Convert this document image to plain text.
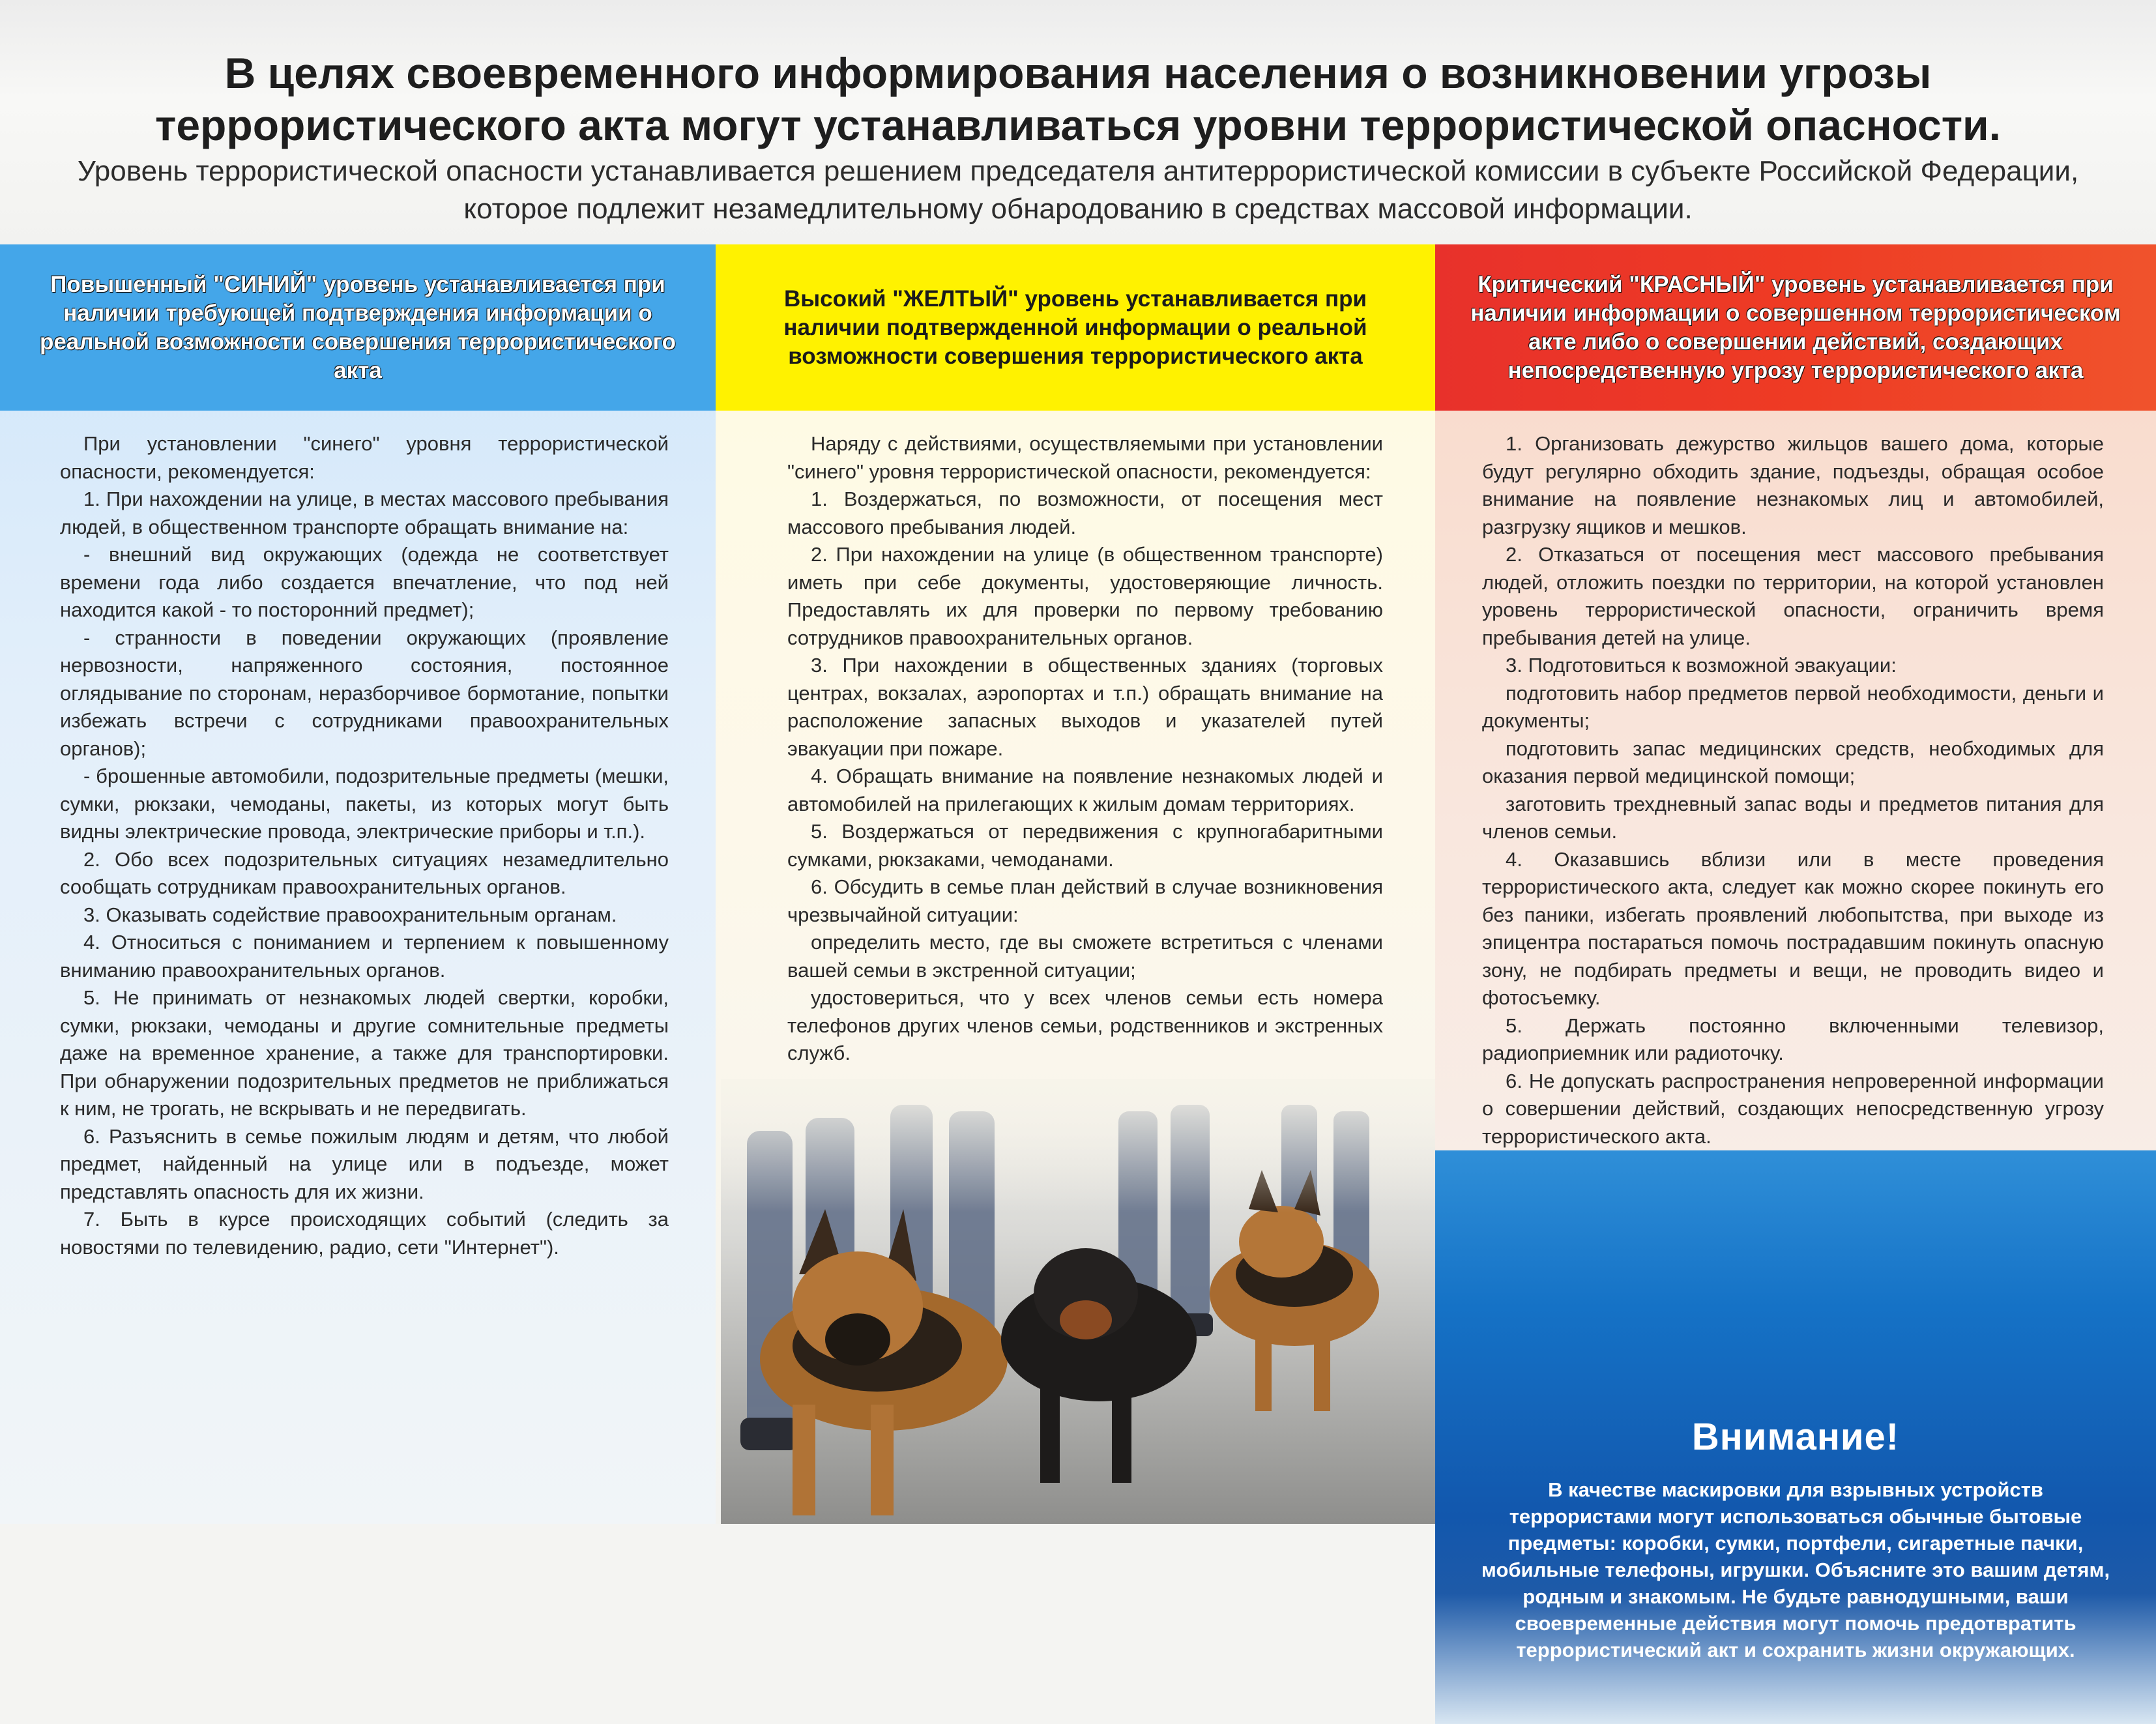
В целях своевременного информирования населения о возникновении угрозы террористического акта могут устанавливаться уровни террористической опасности.

Уровень террористической опасности устанавливается решением председателя антитеррористической комиссии в субъекте Российской Федерации, которое подлежит незамедлительному обнародованию в средствах массовой информации.

Повышенный "СИНИЙ" уровень устанавливается при наличии требующей подтверждения информации о реальной возможности совершения террористического акта

При установлении "синего" уровня террористической опасности, рекомендуется:

1. При нахождении на улице, в местах массового пребывания людей, в общественном транспорте обращать внимание на:

- внешний вид окружающих (одежда не соответствует времени года либо создается впечатление, что под ней находится какой - то посторонний предмет);

- странности в поведении окружающих (проявление нервозности, напряженного состояния, постоянное оглядывание по сторонам, неразборчивое бормотание, попытки избежать встречи с сотрудниками правоохранительных органов);

- брошенные автомобили, подозрительные предметы (мешки, сумки, рюкзаки, чемоданы, пакеты, из которых могут быть видны электрические провода, электрические приборы и т.п.).

2. Обо всех подозрительных ситуациях незамедлительно сообщать сотрудникам правоохранительных органов.

3. Оказывать содействие правоохранительным органам.

4. Относиться с пониманием и терпением к повышенному вниманию правоохранительных органов.

5. Не принимать от незнакомых людей свертки, коробки, сумки, рюкзаки, чемоданы и другие сомнительные предметы даже на временное хранение, а также для транспортировки. При обнаружении подозрительных предметов не приближаться к ним, не трогать, не вскрывать и не передвигать.

6. Разъяснить в семье пожилым людям и детям, что любой предмет, найденный на улице или в подъезде, может представлять опасность для их жизни.

7. Быть в курсе происходящих событий (следить за новостями по телевидению, радио, сети "Интернет").

Высокий "ЖЕЛТЫЙ" уровень устанавливается при наличии подтвержденной информации о реальной возможности совершения террористического акта

Наряду с действиями, осуществляемыми при установлении "синего" уровня террористической опасности, рекомендуется:

1. Воздержаться, по возможности, от посещения мест массового пребывания людей.

2. При нахождении на улице (в общественном транспорте) иметь при себе документы, удостоверяющие личность. Предоставлять их для проверки по первому требованию сотрудников правоохранительных органов.

3. При нахождении в общественных зданиях (торговых центрах, вокзалах, аэропортах и т.п.) обращать внимание на расположение запасных выходов и указателей путей эвакуации при пожаре.

4. Обращать внимание на появление незнакомых людей и автомобилей на прилегающих к жилым домам территориях.

5. Воздержаться от передвижения с крупногабаритными сумками, рюкзаками, чемоданами.

6. Обсудить в семье план действий в случае возникновения чрезвычайной ситуации:

определить место, где вы сможете встретиться с членами вашей семьи в экстренной ситуации;

удостовериться, что у всех членов семьи есть номера телефонов других членов семьи, родственников и экстренных служб.

Критический "КРАСНЫЙ" уровень устанавливается при наличии информации о совершенном террористическом акте либо о совершении действий, создающих непосредственную угрозу террористического акта

1. Организовать дежурство жильцов вашего дома, которые будут регулярно обходить здание, подъезды, обращая особое внимание на появление незнакомых лиц и автомобилей, разгрузку ящиков и мешков.

2. Отказаться от посещения мест массового пребывания людей, отложить поездки по территории, на которой установлен уровень террористической опасности, ограничить время пребывания детей на улице.

3. Подготовиться к возможной эвакуации:

подготовить набор предметов первой необходимости, деньги и документы;

подготовить запас медицинских средств, необходимых для оказания первой медицинской помощи;

заготовить трехдневный запас воды и предметов питания для членов семьи.

4. Оказавшись вблизи или в месте проведения террористического акта, следует как можно скорее покинуть его без паники, избегать проявлений любопытства, при выходе из эпицентра постараться помочь пострадавшим покинуть опасную зону, не подбирать предметы и вещи, не проводить видео и фотосъемку.

5. Держать постоянно включенными телевизор, радиоприемник или радиоточку.

6. Не допускать распространения непроверенной информации о совершении действий, создающих непосредственную угрозу террористического акта.

Внимание!

В качестве маскировки для взрывных устройств террористами могут использоваться обычные бытовые предметы: коробки, сумки, портфели, сигаретные пачки, мобильные телефоны, игрушки. Объясните это вашим детям, родным и знакомым. Не будьте равнодушными, ваши своевременные действия могут помочь предотвратить террористический акт и сохранить жизни окружающих.
